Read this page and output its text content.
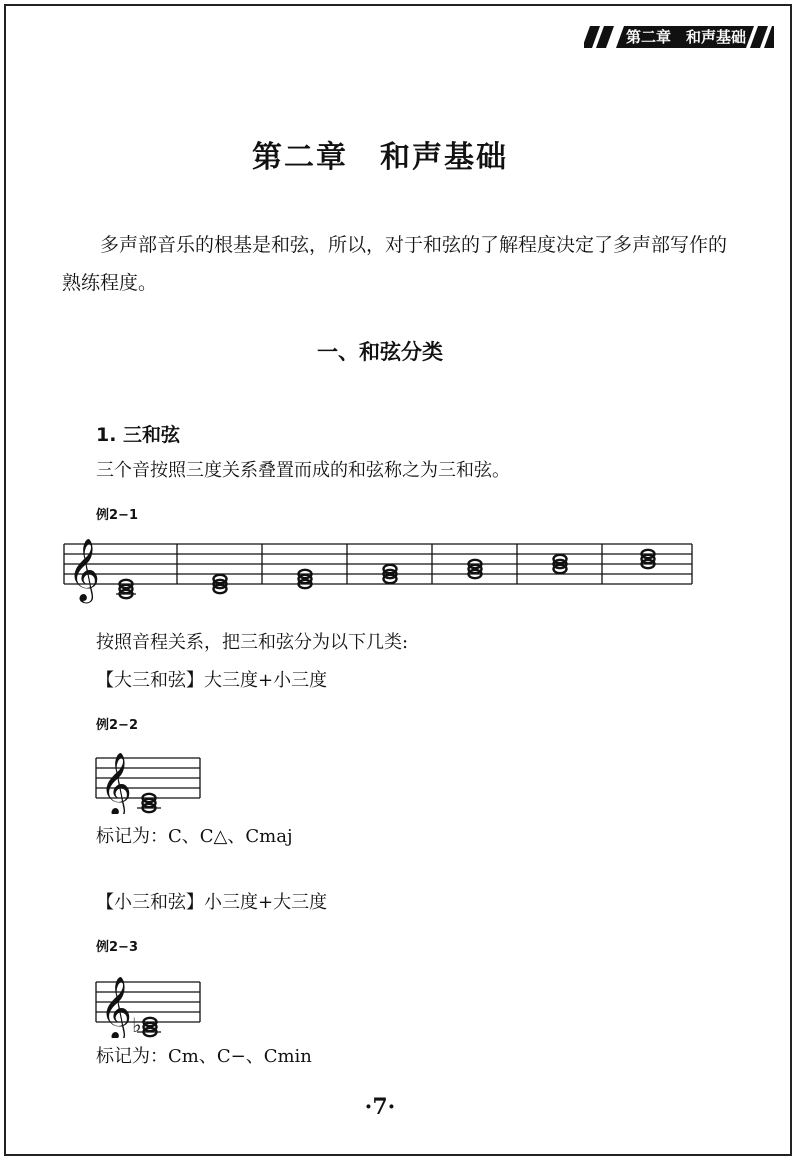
第二章　和声基础
第二章　和声基础
多声部音乐的根基是和弦，所以，对于和弦的了解程度决定了多声部写作的熟练程度。
一、和弦分类
1. 三和弦
三个音按照三度关系叠置而成的和弦称之为三和弦。
例2−1
𝄞
按照音程关系，把三和弦分为以下几类:
【大三和弦】大三度+小三度
例2−2
𝄞
标记为：C、C△、Cmaj
【小三和弦】小三度+大三度
例2−3
𝄞 ♭
标记为：Cm、C−、Cmin
·7·
